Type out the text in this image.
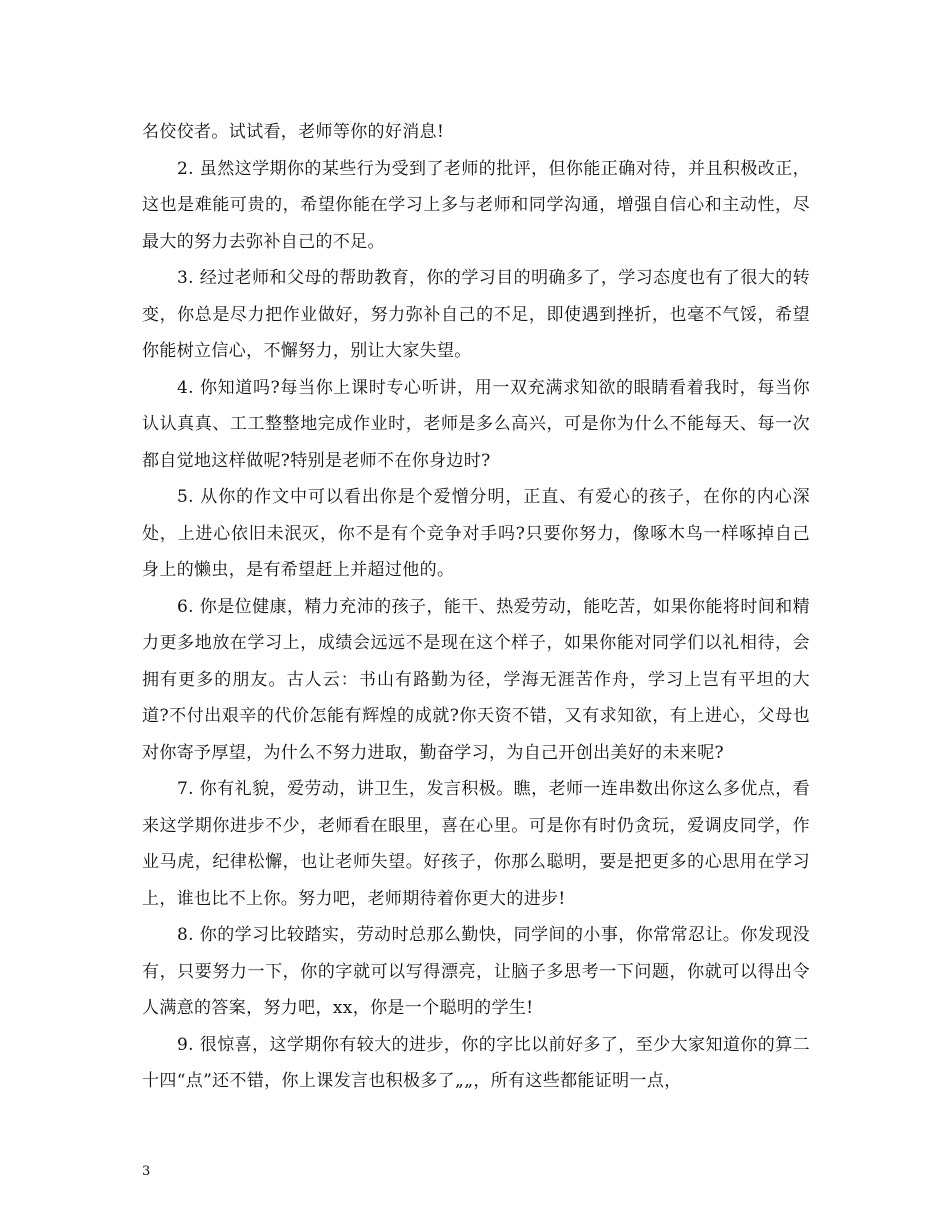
名佼佼者。试试看，老师等你的好消息!

2. 虽然这学期你的某些行为受到了老师的批评，但你能正确对待，并且积极改正，这也是难能可贵的，希望你能在学习上多与老师和同学沟通，增强自信心和主动性，尽最大的努力去弥补自己的不足。

3. 经过老师和父母的帮助教育，你的学习目的明确多了，学习态度也有了很大的转变，你总是尽力把作业做好，努力弥补自己的不足，即使遇到挫折，也毫不气馁，希望你能树立信心，不懈努力，别让大家失望。

4. 你知道吗?每当你上课时专心听讲，用一双充满求知欲的眼睛看着我时，每当你认认真真、工工整整地完成作业时，老师是多么高兴，可是你为什么不能每天、每一次都自觉地这样做呢?特别是老师不在你身边时?

5. 从你的作文中可以看出你是个爱憎分明，正直、有爱心的孩子，在你的内心深处，上进心依旧未泯灭，你不是有个竞争对手吗?只要你努力，像啄木鸟一样啄掉自己身上的懒虫，是有希望赶上并超过他的。

6. 你是位健康，精力充沛的孩子，能干、热爱劳动，能吃苦，如果你能将时间和精力更多地放在学习上，成绩会远远不是现在这个样子，如果你能对同学们以礼相待，会拥有更多的朋友。古人云：书山有路勤为径，学海无涯苦作舟，学习上岂有平坦的大道?不付出艰辛的代价怎能有辉煌的成就?你天资不错，又有求知欲，有上进心，父母也对你寄予厚望，为什么不努力进取，勤奋学习，为自己开创出美好的未来呢?

7. 你有礼貌，爱劳动，讲卫生，发言积极。瞧，老师一连串数出你这么多优点，看来这学期你进步不少，老师看在眼里，喜在心里。可是你有时仍贪玩，爱调皮同学，作业马虎，纪律松懈，也让老师失望。好孩子，你那么聪明，要是把更多的心思用在学习上，谁也比不上你。努力吧，老师期待着你更大的进步!

8. 你的学习比较踏实，劳动时总那么勤快，同学间的小事，你常常忍让。你发现没有，只要努力一下，你的字就可以写得漂亮，让脑子多思考一下问题，你就可以得出令人满意的答案，努力吧，xx，你是一个聪明的学生!

9. 很惊喜，这学期你有较大的进步，你的字比以前好多了，至少大家知道你的算二十四“点”还不错，你上课发言也积极多了„„，所有这些都能证明一点，

3
